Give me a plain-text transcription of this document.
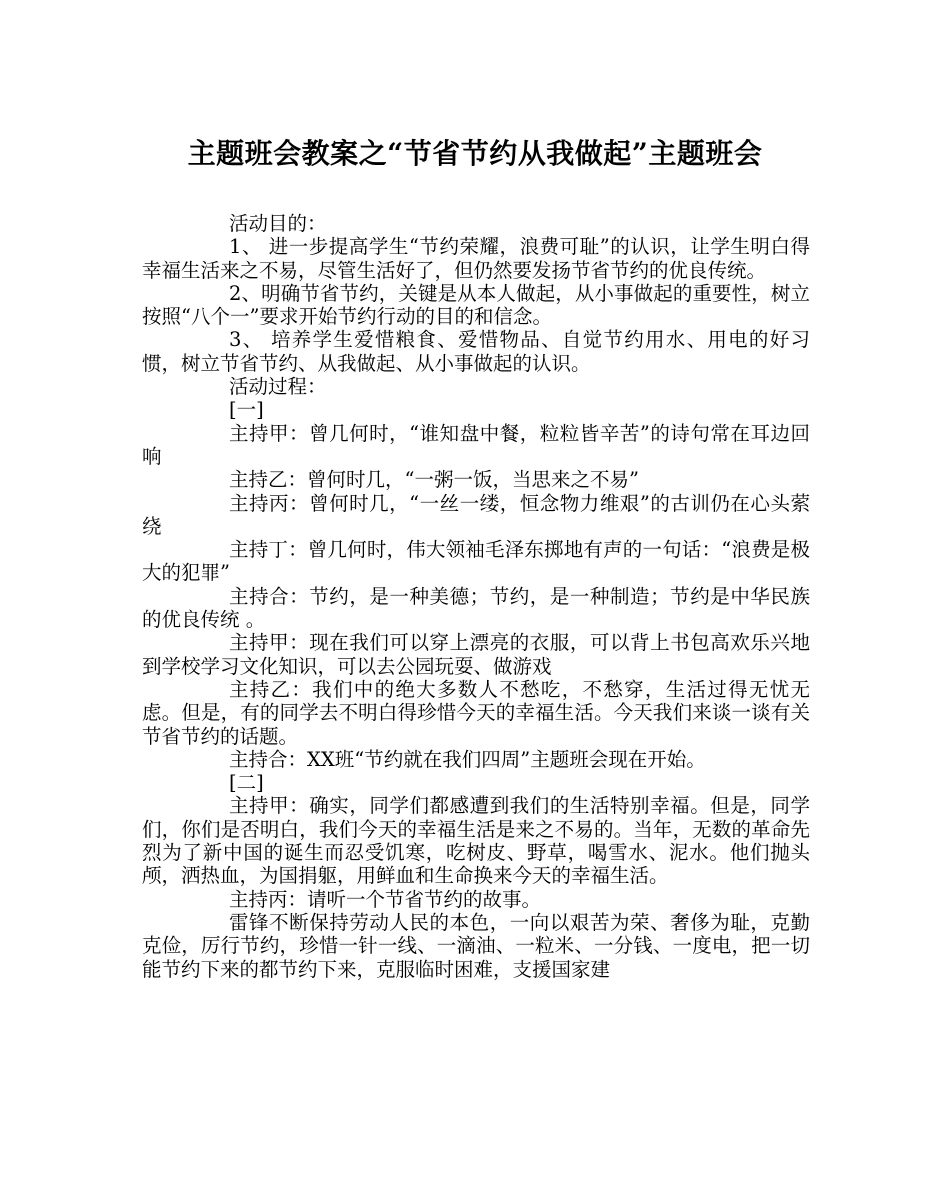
主题班会教案之“节省节约从我做起”主题班会

活动目的：

1、 进一步提高学生“节约荣耀，浪费可耻”的认识，让学生明白得幸福生活来之不易，尽管生活好了，但仍然要发扬节省节约的优良传统。

2、明确节省节约，关键是从本人做起，从小事做起的重要性，树立按照“八个一”要求开始节约行动的目的和信念。

3、 培养学生爱惜粮食、爱惜物品、自觉节约用水、用电的好习惯，树立节省节约、从我做起、从小事做起的认识。

活动过程：

[一]

主持甲：曾几何时，“谁知盘中餐，粒粒皆辛苦”的诗句常在耳边回响

主持乙：曾何时几，“一粥一饭，当思来之不易”

主持丙：曾何时几，“一丝一缕，恒念物力维艰”的古训仍在心头萦绕

主持丁：曾几何时，伟大领袖毛泽东掷地有声的一句话：“浪费是极大的犯罪”

主持合：节约，是一种美德；节约，是一种制造；节约是中华民族的优良传统 。

主持甲：现在我们可以穿上漂亮的衣服，可以背上书包高欢乐兴地到学校学习文化知识，可以去公园玩耍、做游戏

主持乙：我们中的绝大多数人不愁吃，不愁穿，生活过得无忧无虑。但是，有的同学去不明白得珍惜今天的幸福生活。今天我们来谈一谈有关节省节约的话题。

主持合：XX班“节约就在我们四周”主题班会现在开始。

[二]

主持甲：确实，同学们都感遭到我们的生活特别幸福。但是，同学们，你们是否明白，我们今天的幸福生活是来之不易的。当年，无数的革命先烈为了新中国的诞生而忍受饥寒，吃树皮、野草，喝雪水、泥水。他们抛头颅，洒热血，为国捐躯，用鲜血和生命换来今天的幸福生活。

主持丙：请听一个节省节约的故事。

雷锋不断保持劳动人民的本色，一向以艰苦为荣、奢侈为耻，克勤克俭，厉行节约，珍惜一针一线、一滴油、一粒米、一分钱、一度电，把一切能节约下来的都节约下来，克服临时困难，支援国家建
